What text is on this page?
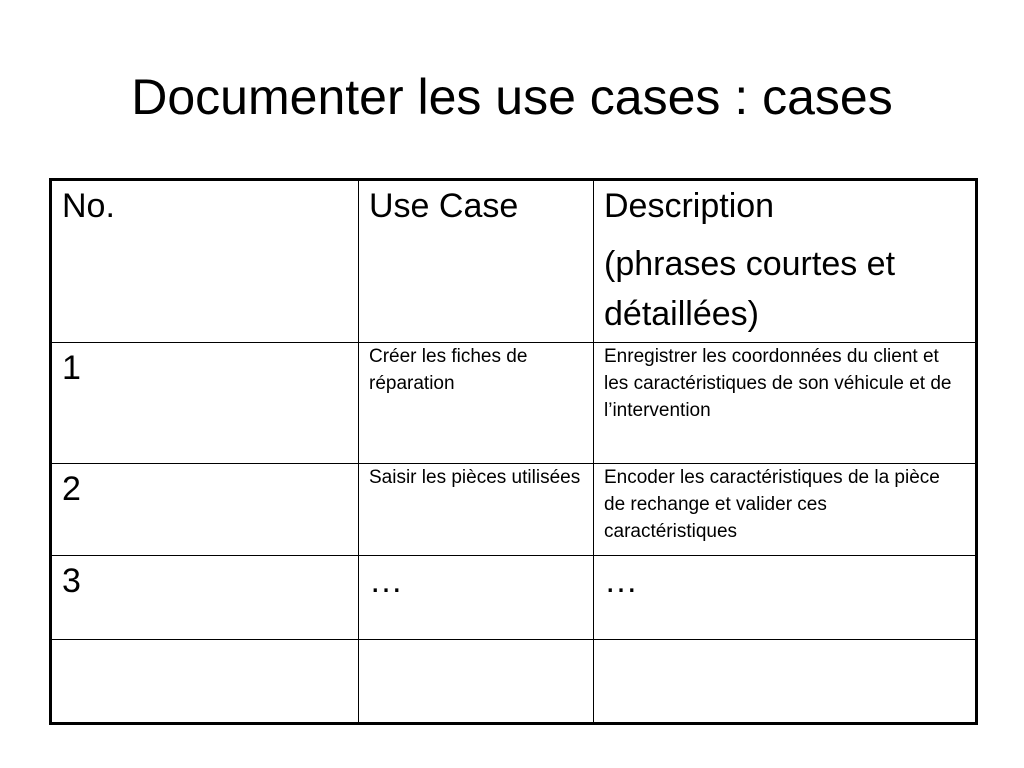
Documenter les use cases : cases
No.	Use Case	Description
(phrases courtes et détaillées)

1	Créer les fiches de réparation	Enregistrer les coordonnées du client et les caractéristiques de son véhicule et de l’intervention

2	Saisir les pièces utilisées	Encoder les caractéristiques de la pièce de rechange et valider ces caractéristiques

3	…	…
